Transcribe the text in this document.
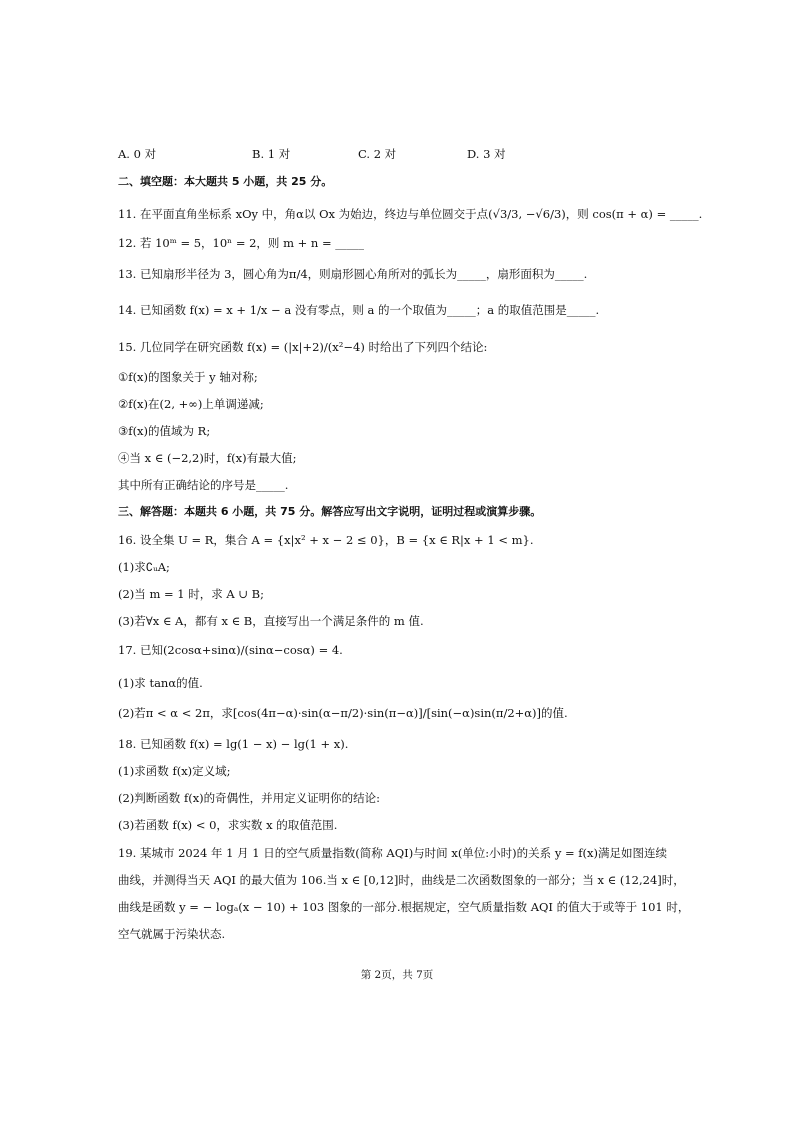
A. 0 对	B. 1 对	C. 2 对	D. 3 对
二、填空题：本大题共 5 小题，共 25 分。
11. 在平面直角坐标系 xOy 中，角α以 Ox 为始边，终边与单位圆交于点(√3/3, −√6/3)，则 cos(π + α) = _____.
12. 若 10ᵐ = 5，10ⁿ = 2，则 m + n = _____
13. 已知扇形半径为 3，圆心角为π/4，则扇形圆心角所对的弧长为_____，扇形面积为_____.
14. 已知函数 f(x) = x + 1/x − a 没有零点，则 a 的一个取值为_____；a 的取值范围是_____.
15. 几位同学在研究函数 f(x) = (|x|+2)/(x²−4) 时给出了下列四个结论:
①f(x)的图象关于 y 轴对称;
②f(x)在(2, +∞)上单调递减;
③f(x)的值域为 R;
④当 x ∈ (−2,2)时，f(x)有最大值;
其中所有正确结论的序号是_____.
三、解答题：本题共 6 小题，共 75 分。解答应写出文字说明，证明过程或演算步骤。
16. 设全集 U = R，集合 A = {x|x² + x − 2 ≤ 0}，B = {x ∈ R|x + 1 < m}.
(1)求∁ᵤA;
(2)当 m = 1 时，求 A ∪ B;
(3)若∀x ∈ A，都有 x ∈ B，直接写出一个满足条件的 m 值.
17. 已知(2cosα+sinα)/(sinα−cosα) = 4.
(1)求 tanα的值.
(2)若π < α < 2π，求[cos(4π−α)·sin(α−π/2)·sin(π−α)]/[sin(−α)sin(π/2+α)]的值.
18. 已知函数 f(x) = lg(1 − x) − lg(1 + x).
(1)求函数 f(x)定义域;
(2)判断函数 f(x)的奇偶性，并用定义证明你的结论:
(3)若函数 f(x) < 0，求实数 x 的取值范围.
19. 某城市 2024 年 1 月 1 日的空气质量指数(简称 AQI)与时间 x(单位:小时)的关系 y = f(x)满足如图连续
曲线，并测得当天 AQI 的最大值为 106.当 x ∈ [0,12]时，曲线是二次函数图象的一部分；当 x ∈ (12,24]时，
曲线是函数 y = − logₐ(x − 10) + 103 图象的一部分.根据规定，空气质量指数 AQI 的值大于或等于 101 时，
空气就属于污染状态.
第 2页，共 7页
